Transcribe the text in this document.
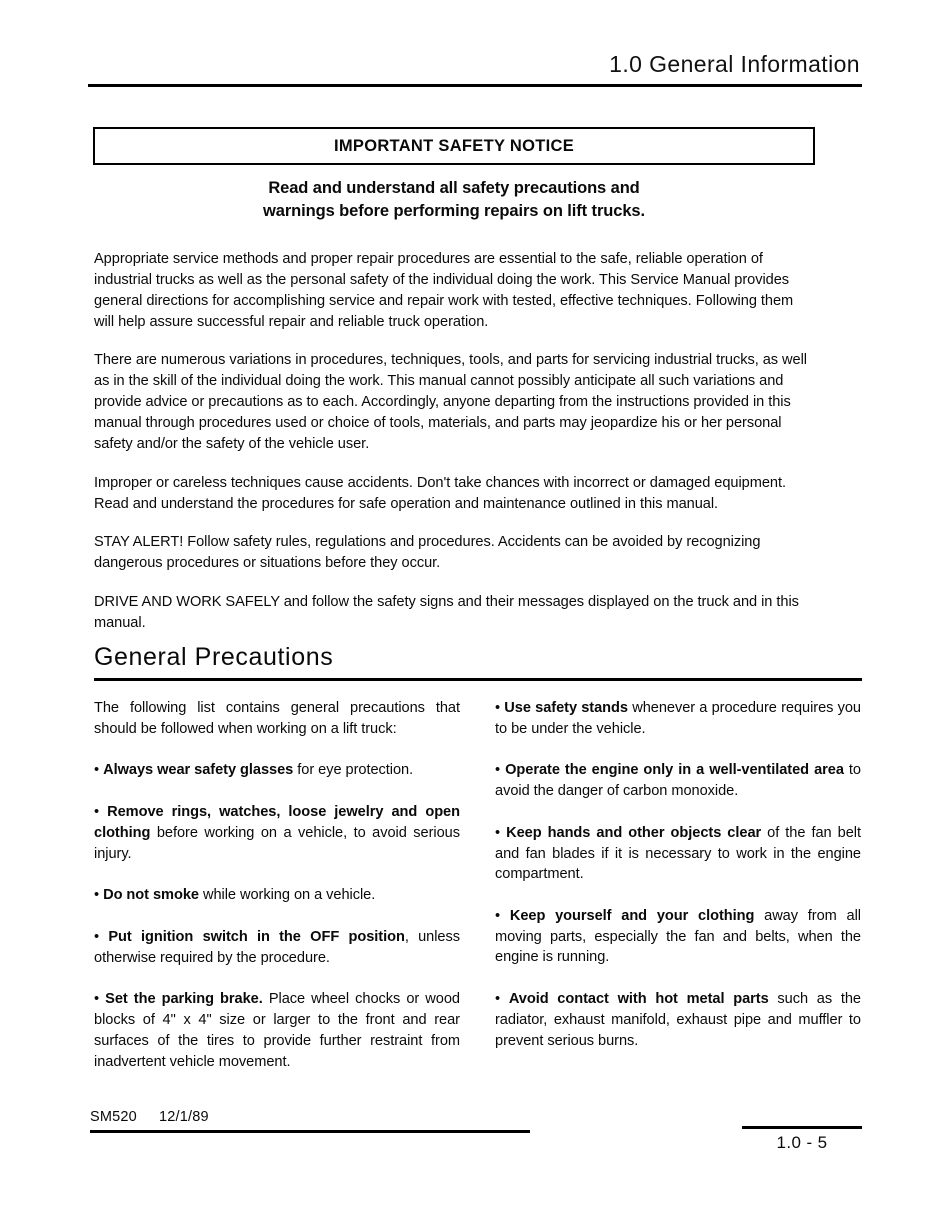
1.0 General Information
IMPORTANT SAFETY NOTICE
Read and understand all safety precautions and
warnings before performing repairs on lift trucks.

Appropriate service methods and proper repair procedures are essential to the safe, reliable operation of industrial trucks as well as the personal safety of the individual doing the work. This Service Manual provides general directions for accomplishing service and repair work with tested, effective techniques. Following them will help assure successful repair and reliable truck operation.

There are numerous variations in procedures, techniques, tools, and parts for servicing industrial trucks, as well as in the skill of the individual doing the work. This manual cannot possibly anticipate all such variations and provide advice or precautions as to each. Accordingly, anyone departing from the instructions provided in this manual through procedures used or choice of tools, materials, and parts may jeopardize his or her personal safety and/or the safety of the vehicle user.

Improper or careless techniques cause accidents. Don't take chances with incorrect or damaged equipment. Read and understand the procedures for safe operation and maintenance outlined in this manual.

STAY ALERT! Follow safety rules, regulations and procedures. Accidents can be avoided by recognizing dangerous procedures or situations before they occur.

DRIVE AND WORK SAFELY and follow the safety signs and their messages displayed on the truck and in this manual.

General Precautions

The following list contains general precautions that should be followed when working on a lift truck:

• Always wear safety glasses for eye protection.

• Remove rings, watches, loose jewelry and open clothing before working on a vehicle, to avoid serious injury.

• Do not smoke while working on a vehicle.

• Put ignition switch in the OFF position, unless otherwise required by the procedure.

• Set the parking brake. Place wheel chocks or wood blocks of 4" x 4" size or larger to the front and rear surfaces of the tires to provide further restraint from inadvertent vehicle movement.

• Use safety stands whenever a procedure requires you to be under the vehicle.

• Operate the engine only in a well-ventilated area to avoid the danger of carbon monoxide.

• Keep hands and other objects clear of the fan belt and fan blades if it is necessary to work in the engine compartment.

• Keep yourself and your clothing away from all moving parts, especially the fan and belts, when the engine is running.

• Avoid contact with hot metal parts such as the radiator, exhaust manifold, exhaust pipe and muffler to prevent serious burns.

SM520 12/1/89
1.0 - 5
